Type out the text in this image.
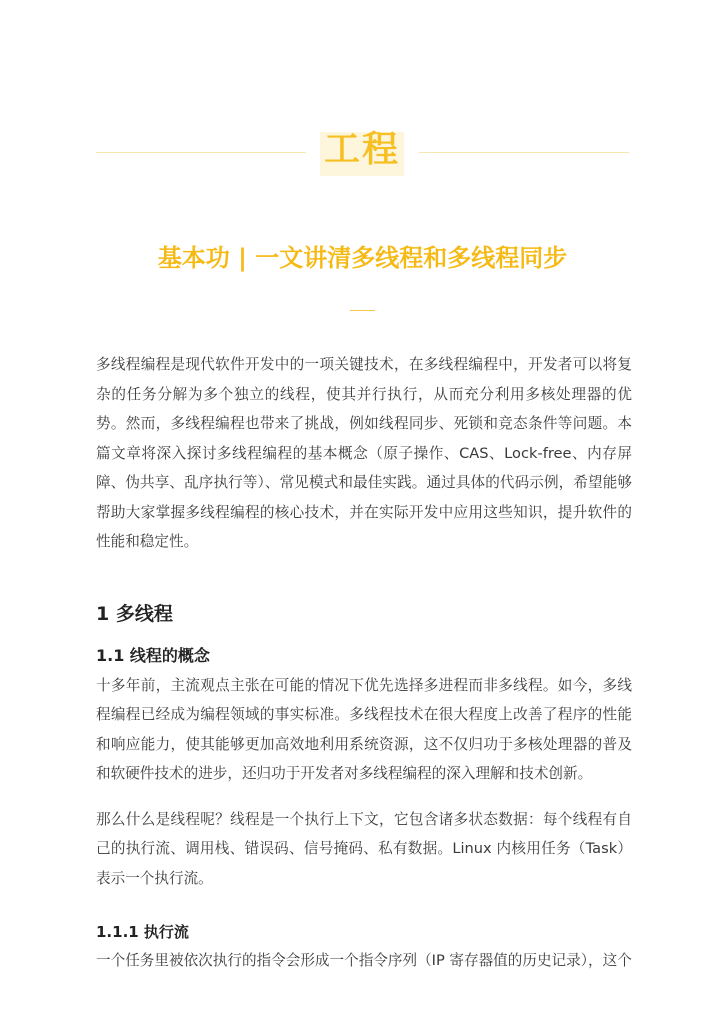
工程
基本功 | 一文讲清多线程和多线程同步

多线程编程是现代软件开发中的一项关键技术，在多线程编程中，开发者可以将复杂的任务分解为多个独立的线程，使其并行执行，从而充分利用多核处理器的优势。然而，多线程编程也带来了挑战，例如线程同步、死锁和竞态条件等问题。本篇文章将深入探讨多线程编程的基本概念（原子操作、CAS、Lock-free、内存屏障、伪共享、乱序执行等）、常见模式和最佳实践。通过具体的代码示例，希望能够帮助大家掌握多线程编程的核心技术，并在实际开发中应用这些知识，提升软件的性能和稳定性。

1 多线程
1.1 线程的概念

十多年前，主流观点主张在可能的情况下优先选择多进程而非多线程。如今，多线程编程已经成为编程领域的事实标准。多线程技术在很大程度上改善了程序的性能和响应能力，使其能够更加高效地利用系统资源，这不仅归功于多核处理器的普及和软硬件技术的进步，还归功于开发者对多线程编程的深入理解和技术创新。

那么什么是线程呢？线程是一个执行上下文，它包含诸多状态数据：每个线程有自己的执行流、调用栈、错误码、信号掩码、私有数据。Linux 内核用任务（Task）表示一个执行流。

1.1.1 执行流

一个任务里被依次执行的指令会形成一个指令序列（IP 寄存器值的历史记录），这个
